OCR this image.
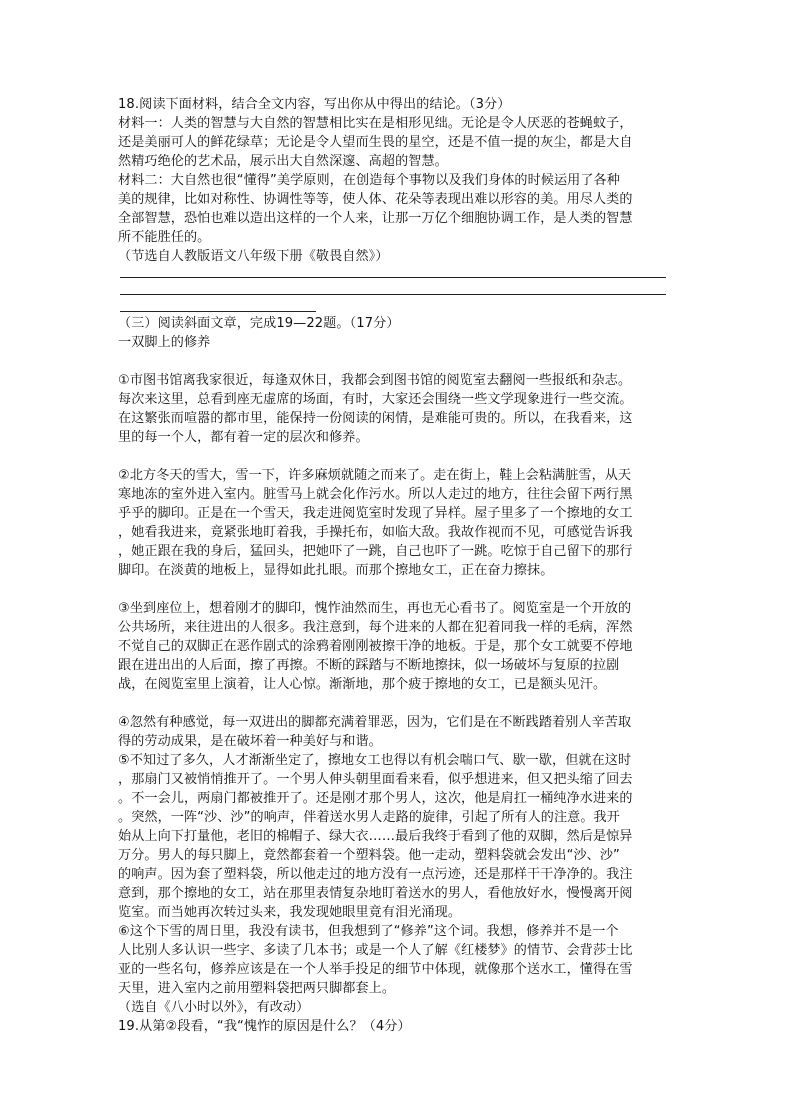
18.阅读下面材料，结合全文内容，写出你从中得出的结论。（3分）
材料一：人类的智慧与大自然的智慧相比实在是相形见绌。无论是令人厌恶的苍蝇蚊子，
还是美丽可人的鲜花绿草；无论是令人望而生畏的星空，还是不值一提的灰尘，都是大自
然精巧绝伦的艺术品，展示出大自然深邃、高超的智慧。
材料二：大自然也很“懂得”美学原则，在创造每个事物以及我们身体的时候运用了各种
美的规律，比如对称性、协调性等等，使人体、花朵等表现出难以形容的美。用尽人类的
全部智慧，恐怕也难以造出这样的一个人来，让那一万亿个细胞协调工作，是人类的智慧
所不能胜任的。
（节选自人教版语文八年级下册《敬畏自然》）
（三）阅读斜面文章，完成19—22题。（17分）
一双脚上的修养
①市图书馆离我家很近，每逢双休日，我都会到图书馆的阅览室去翻阅一些报纸和杂志。
每次来这里，总看到座无虚席的场面，有时，大家还会围绕一些文学现象进行一些交流。
在这繁张而喧嚣的都市里，能保持一份阅读的闲情，是难能可贵的。所以，在我看来，这
里的每一个人，都有着一定的层次和修养。
②北方冬天的雪大，雪一下，许多麻烦就随之而来了。走在街上，鞋上会粘满脏雪，从天
寒地冻的室外进入室内。脏雪马上就会化作污水。所以人走过的地方，往往会留下两行黑
乎乎的脚印。正是在一个雪天，我走进阅览室时发现了异样。屋子里多了一个擦地的女工
，她看我进来，竟紧张地盯着我，手操托布，如临大敌。我故作视而不见，可感觉告诉我
，她正跟在我的身后，猛回头，把她吓了一跳，自己也吓了一跳。吃惊于自己留下的那行
脚印。在淡黄的地板上，显得如此扎眼。而那个擦地女工，正在奋力擦抹。
③坐到座位上，想着刚才的脚印，愧怍油然而生，再也无心看书了。阅览室是一个开放的
公共场所，来往进出的人很多。我注意到，每个进来的人都在犯着同我一样的毛病，浑然
不觉自己的双脚正在恶作剧式的涂鸦着刚刚被擦干净的地板。于是，那个女工就要不停地
跟在进出出的人后面，擦了再擦。不断的踩踏与不断地擦抹，似一场破坏与复原的拉剧
战，在阅览室里上演着，让人心惊。渐渐地，那个疲于擦地的女工，已是额头见汗。
④忽然有种感觉，每一双进出的脚都充满着罪恶，因为，它们是在不断践踏着别人辛苦取
得的劳动成果，是在破坏着一种美好与和谐。
⑤不知过了多久，人才渐渐坐定了，擦地女工也得以有机会喘口气、歇一歇，但就在这时
，那扇门又被悄悄推开了。一个男人伸头朝里面看来看，似乎想进来，但又把头缩了回去
。不一会儿，两扇门都被推开了。还是刚才那个男人，这次，他是肩扛一桶纯净水进来的
。突然，一阵“沙、沙”的响声，伴着送水男人走路的旋律，引起了所有人的注意。我开
始从上向下打量他，老旧的棉帽子、绿大衣……最后我终于看到了他的双脚，然后是惊异
万分。男人的每只脚上，竟然都套着一个塑料袋。他一走动，塑料袋就会发出“沙、沙”
的响声。因为套了塑料袋，所以他走过的地方没有一点污迹，还是那样干干净净的。我注
意到，那个擦地的女工，站在那里表情复杂地盯着送水的男人，看他放好水，慢慢离开阅
览室。而当她再次转过头来，我发现她眼里竟有泪光涌现。
⑥这个下雪的周日里，我没有读书，但我想到了“修养”这个词。我想，修养并不是一个
人比别人多认识一些字、多读了几本书；或是一个人了解《红楼梦》的情节、会背莎士比
亚的一些名句，修养应该是在一个人举手投足的细节中体现，就像那个送水工，懂得在雪
天里，进入室内之前用塑料袋把两只脚都套上。
（选自《八小时以外》，有改动）
19.从第②段看，“我“愧怍的原因是什么？（4分）
